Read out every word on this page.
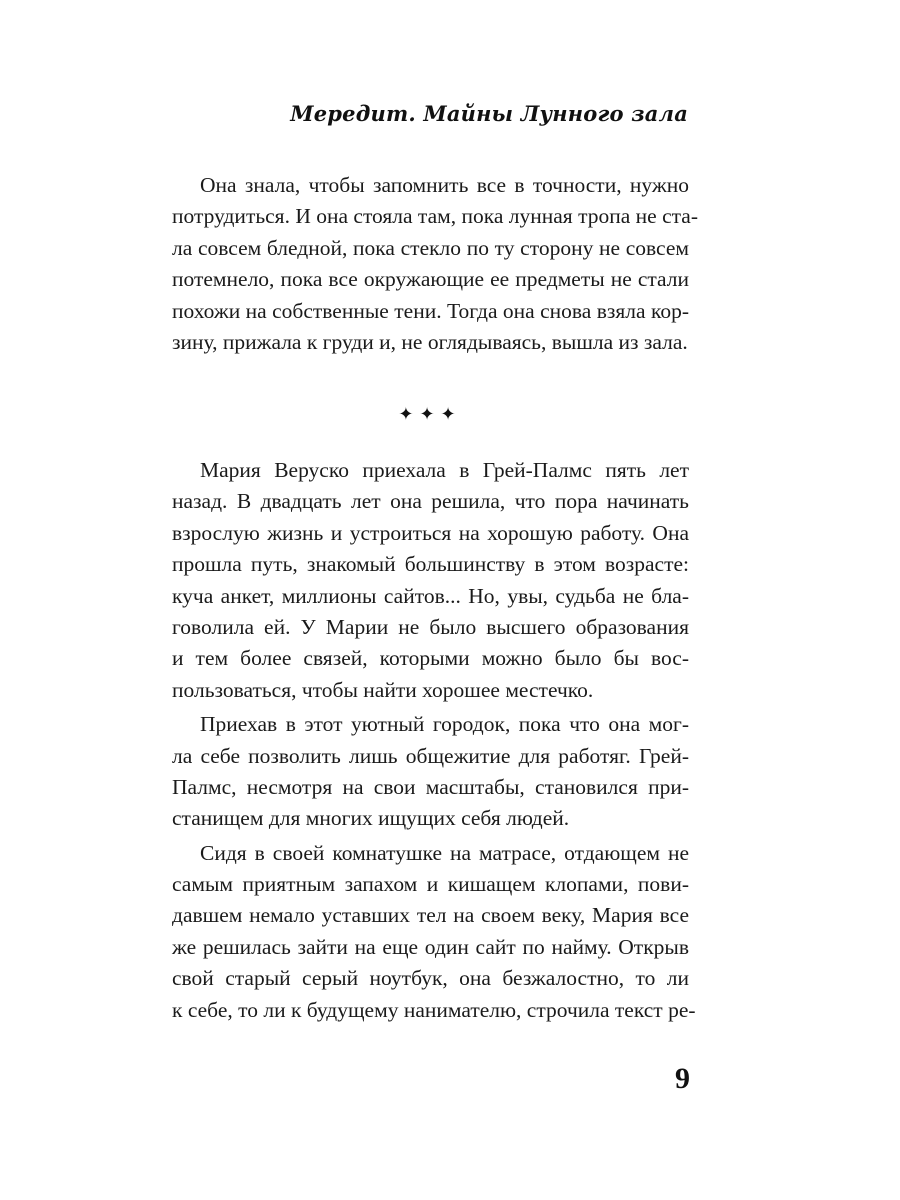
Мередит. Майны Лунного зала
Она знала, чтобы запомнить все в точности, нужно
потрудиться. И она стояла там, пока лунная тропа не ста-
ла совсем бледной, пока стекло по ту сторону не совсем
потемнело, пока все окружающие ее предметы не стали
похожи на собственные тени. Тогда она снова взяла кор-
зину, прижала к груди и, не оглядываясь, вышла из зала.
✦✦✦
Мария Веруско приехала в Грей-Палмс пять лет
назад. В двадцать лет она решила, что пора начинать
взрослую жизнь и устроиться на хорошую работу. Она
прошла путь, знакомый большинству в этом возрасте:
куча анкет, миллионы сайтов... Но, увы, судьба не бла-
говолила ей. У Марии не было высшего образования
и тем более связей, которыми можно было бы вос-
пользоваться, чтобы найти хорошее местечко.
Приехав в этот уютный городок, пока что она мог-
ла себе позволить лишь общежитие для работяг. Грей-
Палмс, несмотря на свои масштабы, становился при-
станищем для многих ищущих себя людей.
Сидя в своей комнатушке на матрасе, отдающем не
самым приятным запахом и кишащем клопами, пови-
давшем немало уставших тел на своем веку, Мария все
же решилась зайти на еще один сайт по найму. Открыв
свой старый серый ноутбук, она безжалостно, то ли
к себе, то ли к будущему нанимателю, строчила текст ре-
9
